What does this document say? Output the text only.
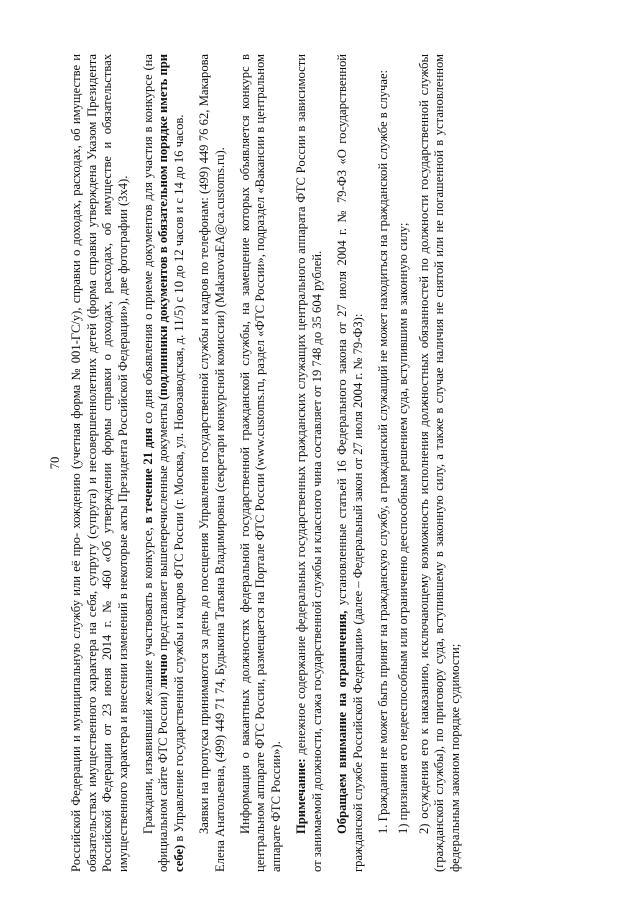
70 Российской Федерации и муниципальную службу или её про- хождению (учетная форма № 001-ГС/у), справки о доходах, расходах, об имуществе и обязательствах имущественного характера на себя, супругу (супруга) и несовершеннолетних детей (форма справки утверждена Указом Президента Российской Федерации от 23 июня 2014 г. № 460 «Об утверждении формы справки о доходах, расходах, об имуществе и обязательствах имущественного характера и внесении изменений в некоторые акты Президента Российской Федерации»), две фотографии (3х4). Граждани, изъявивший желание участвовать в конкурсе, в течение 21 дня со дня объявления о приеме документов для участия в конкурсе (на официальном сайте ФТС России) лично представляет вышеперечисленные документы (подлинники документов в обязательном порядке иметь при себе) в Управление государственной службы и кадров ФТС России (г. Москва, ул. Новозаводская, д. 11/5) с 10 до 12 часов и с 14 до 16 часов. Заявки на пропуска принимаются за день до посещения Управления государственной службы и кадров по телефонам: (499) 449 76 62, Макарова Елена Анатольевна, (499) 449 71 74, Будыкина Татьяна Владимировна (секретари конкурсной комиссии) (MakarovaEA@ca.customs.ru). Информация о вакантных должностях федеральной государственной гражданской службы, на замещение которых объявляется конкурс в центральном аппарате ФТС России, размещается на Портале ФТС России (www.customs.ru, раздел «ФТС России», подраздел «Вакансии в центральном аппарате ФТС России»). Примечание: денежное содержание федеральных государственных гражданских служащих центрального аппарата ФТС России в зависимости от занимаемой должности, стажа государственной службы и классного чина составляет от 19 748 до 35 604 рублей. Обращаем внимание на ограничения, установленные статьей 16 Федерального закона от 27 июля 2004 г. № 79-ФЗ «О государственной гражданской службе Российской Федерации» (далее – Федеральный закон от 27 июля 2004 г. № 79-ФЗ): 1. Гражданин не может быть принят на гражданскую службу, а гражданский служащий не может находиться на гражданской службе в случае: 1) признания его недееспособным или ограниченно дееспособным решением суда, вступившим в законную силу; 2) осуждения его к наказанию, исключающему возможность исполнения должностных обязанностей по должности государственной службы (гражданской службы), по приговору суда, вступившему в законную силу, а также в случае наличия не снятой или не погашенной в установленном федеральным законом порядке судимости;
